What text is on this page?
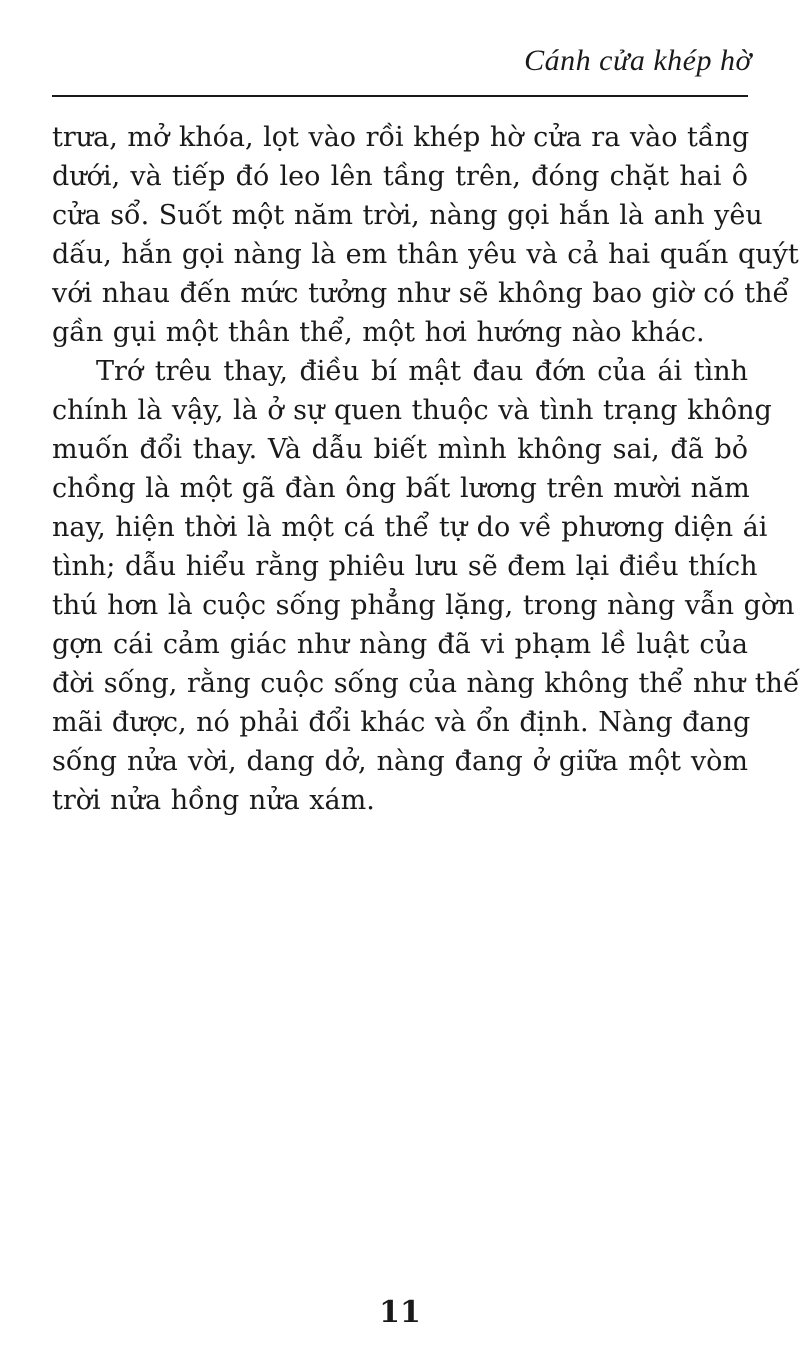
Cánh cửa khép hờ

trưa, mở khóa, lọt vào rồi khép hờ cửa ra vào tầng
dưới, và tiếp đó leo lên tầng trên, đóng chặt hai ô
cửa sổ. Suốt một năm trời, nàng gọi hắn là anh yêu
dấu, hắn gọi nàng là em thân yêu và cả hai quấn quýt
với nhau đến mức tưởng như sẽ không bao giờ có thể
gần gụi một thân thể, một hơi hướng nào khác.

Trớ trêu thay, điều bí mật đau đớn của ái tình
chính là vậy, là ở sự quen thuộc và tình trạng không
muốn đổi thay. Và dẫu biết mình không sai, đã bỏ
chồng là một gã đàn ông bất lương trên mười năm
nay, hiện thời là một cá thể tự do về phương diện ái
tình; dẫu hiểu rằng phiêu lưu sẽ đem lại điều thích
thú hơn là cuộc sống phẳng lặng, trong nàng vẫn gờn
gợn cái cảm giác như nàng đã vi phạm lề luật của
đời sống, rằng cuộc sống của nàng không thể như thế
mãi được, nó phải đổi khác và ổn định. Nàng đang
sống nửa vời, dang dở, nàng đang ở giữa một vòm
trời nửa hồng nửa xám.

11
